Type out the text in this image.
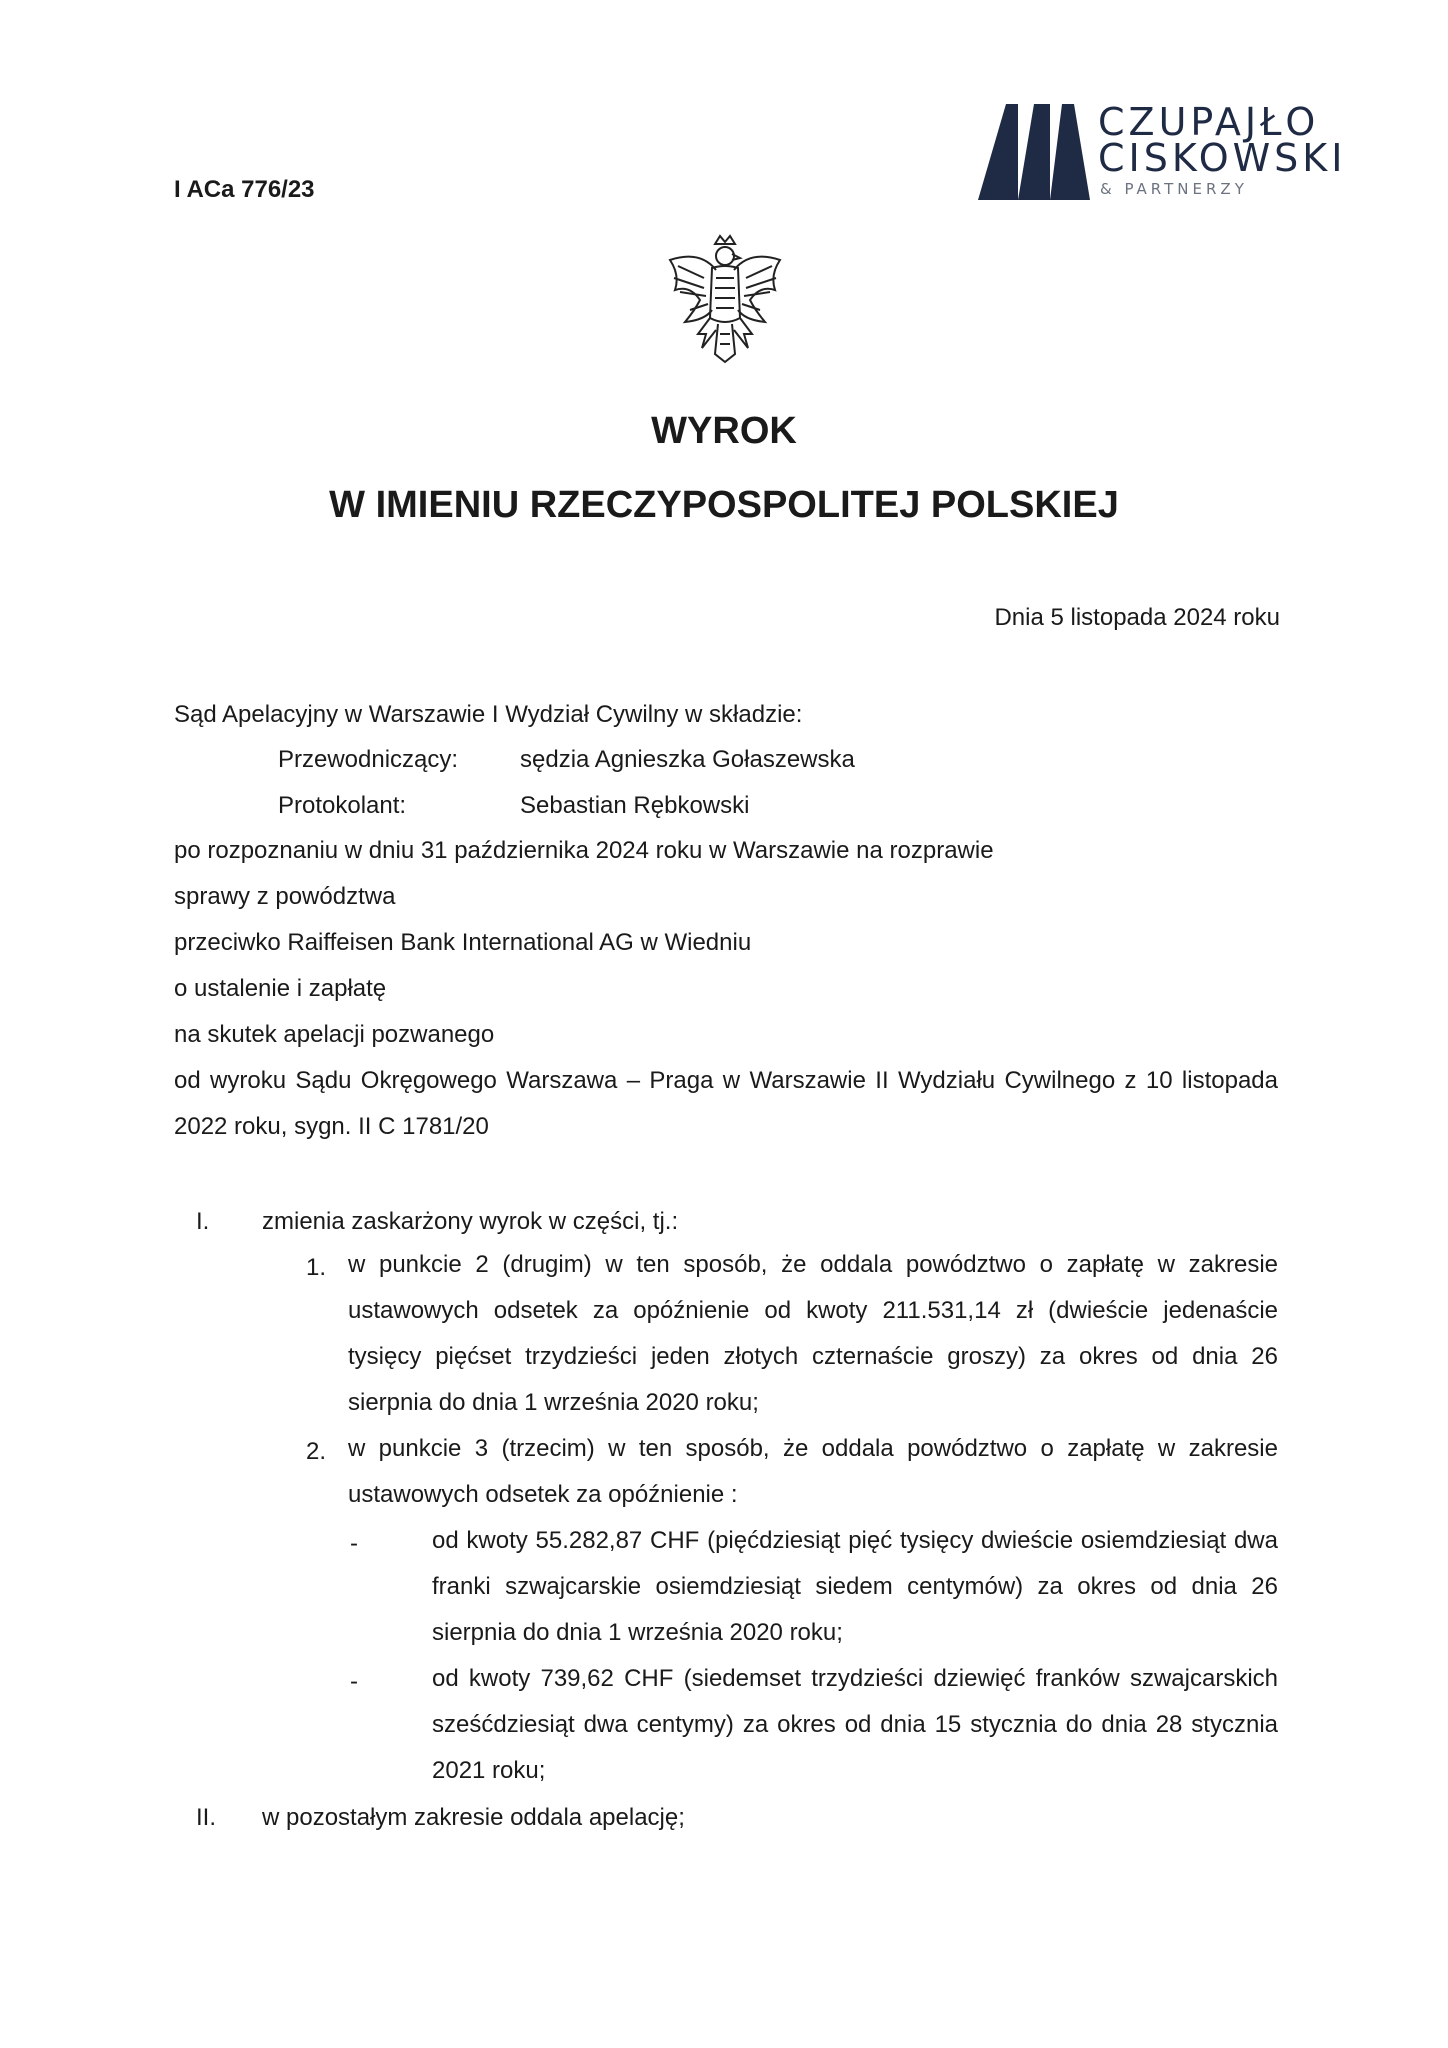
I ACa 776/23
CZUPAJŁO
CISKOWSKI
& PARTNERZY
WYROK
W IMIENIU RZECZYPOSPOLITEJ POLSKIEJ
Dnia 5 listopada 2024 roku
Sąd Apelacyjny w Warszawie I Wydział Cywilny w składzie:
Przewodniczący:	sędzia Agnieszka Gołaszewska
Protokolant:	Sebastian Rębkowski
po rozpoznaniu w dniu 31 października 2024 roku w Warszawie na rozprawie
sprawy z powództwa
przeciwko Raiffeisen Bank International AG w Wiedniu
o ustalenie i zapłatę
na skutek apelacji pozwanego
od wyroku Sądu Okręgowego Warszawa – Praga w Warszawie II Wydziału Cywilnego z 10 listopada 2022 roku, sygn. II C 1781/20
I. zmienia zaskarżony wyrok w części, tj.:
1. w punkcie 2 (drugim) w ten sposób, że oddala powództwo o zapłatę w zakresie ustawowych odsetek za opóźnienie od kwoty 211.531,14 zł (dwieście jedenaście tysięcy pięćset trzydzieści jeden złotych czternaście groszy) za okres od dnia 26 sierpnia do dnia 1 września 2020 roku;
2. w punkcie 3 (trzecim) w ten sposób, że oddala powództwo o zapłatę w zakresie ustawowych odsetek za opóźnienie :
-	od kwoty 55.282,87 CHF (pięćdziesiąt pięć tysięcy dwieście osiemdziesiąt dwa franki szwajcarskie osiemdziesiąt siedem centymów) za okres od dnia 26 sierpnia do dnia 1 września 2020 roku;
-	od kwoty 739,62 CHF (siedemset trzydzieści dziewięć franków szwajcarskich sześćdziesiąt dwa centymy) za okres od dnia 15 stycznia do dnia 28 stycznia 2021 roku;
II. w pozostałym zakresie oddala apelację;
